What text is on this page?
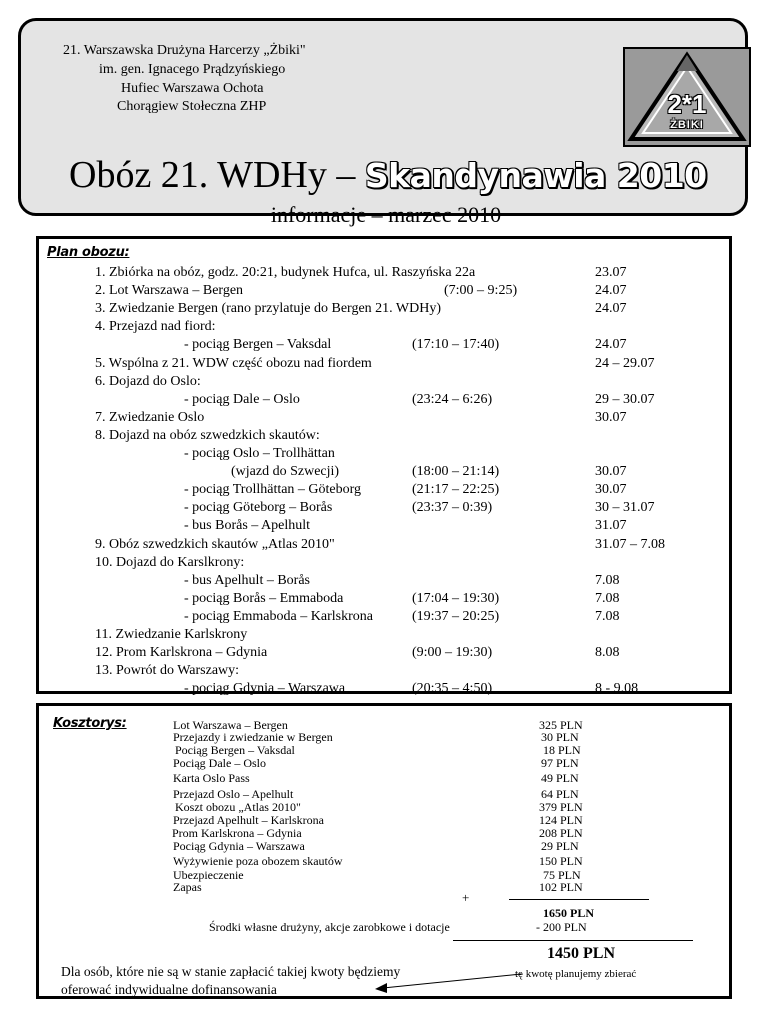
21. Warszawska Drużyna Harcerzy „Żbiki"
im. gen. Ignacego Prądzyńskiego
Hufiec Warszawa Ochota
Chorągiew Stołeczna ZHP	2*1
ŻBIKI
Obóz 21. WDHy – Skandynawia 2010
informacje – marzec 2010
Plan obozu:
1. Zbiórka na obóz, godz. 20:21, budynek Hufca, ul. Raszyńska 22a	23.07
2. Lot Warszawa – Bergen	(7:00 – 9:25)	24.07
3. Zwiedzanie Bergen (rano przylatuje do Bergen 21. WDHy)	24.07
4. Przejazd nad fiord:
- pociąg Bergen – Vaksdal	(17:10 – 17:40)	24.07
5. Wspólna z 21. WDW część obozu nad fiordem	24 – 29.07
6. Dojazd do Oslo:
- pociąg Dale – Oslo	(23:24 – 6:26)	29 – 30.07
7. Zwiedzanie Oslo	30.07
8. Dojazd na obóz szwedzkich skautów:
- pociąg Oslo – Trollhättan
(wjazd do Szwecji)	(18:00 – 21:14)	30.07
- pociąg Trollhättan – Göteborg	(21:17 – 22:25)	30.07
- pociąg Göteborg – Borås	(23:37 – 0:39)	30 – 31.07
- bus Borås – Apelhult	31.07
9. Obóz szwedzkich skautów „Atlas 2010"	31.07 – 7.08
10. Dojazd do Karslkrony:
- bus Apelhult – Borås	7.08
- pociąg Borås – Emmaboda	(17:04 – 19:30)	7.08
- pociąg Emmaboda – Karlskrona	(19:37 – 20:25)	7.08
11. Zwiedzanie Karlskrony
12. Prom Karlskrona – Gdynia	(9:00 – 19:30)	8.08
13. Powrót do Warszawy:
- pociąg Gdynia – Warszawa	(20:35 – 4:50)	8 - 9.08
Kosztorys:	Lot Warszawa – Bergen	325 PLN
Przejazdy i zwiedzanie w Bergen	30 PLN
Pociąg Bergen – Vaksdal	18 PLN
Pociąg Dale – Oslo	97 PLN
Karta Oslo Pass	49 PLN
Przejazd Oslo – Apelhult	64 PLN
Koszt obozu „Atlas 2010"	379 PLN
Przejazd Apelhult – Karlskrona	124 PLN
Prom Karlskrona – Gdynia	208 PLN
Pociąg Gdynia – Warszawa	29 PLN
Wyżywienie poza obozem skautów	150 PLN
Ubezpieczenie	75 PLN
Zapas	102 PLN
+
1650 PLN
Środki własne drużyny, akcje zarobkowe i dotacje	- 200 PLN
1450 PLN
tę kwotę planujemy zbierać
Dla osób, które nie są w stanie zapłacić takiej kwoty będziemy
oferować indywidualne dofinansowania
